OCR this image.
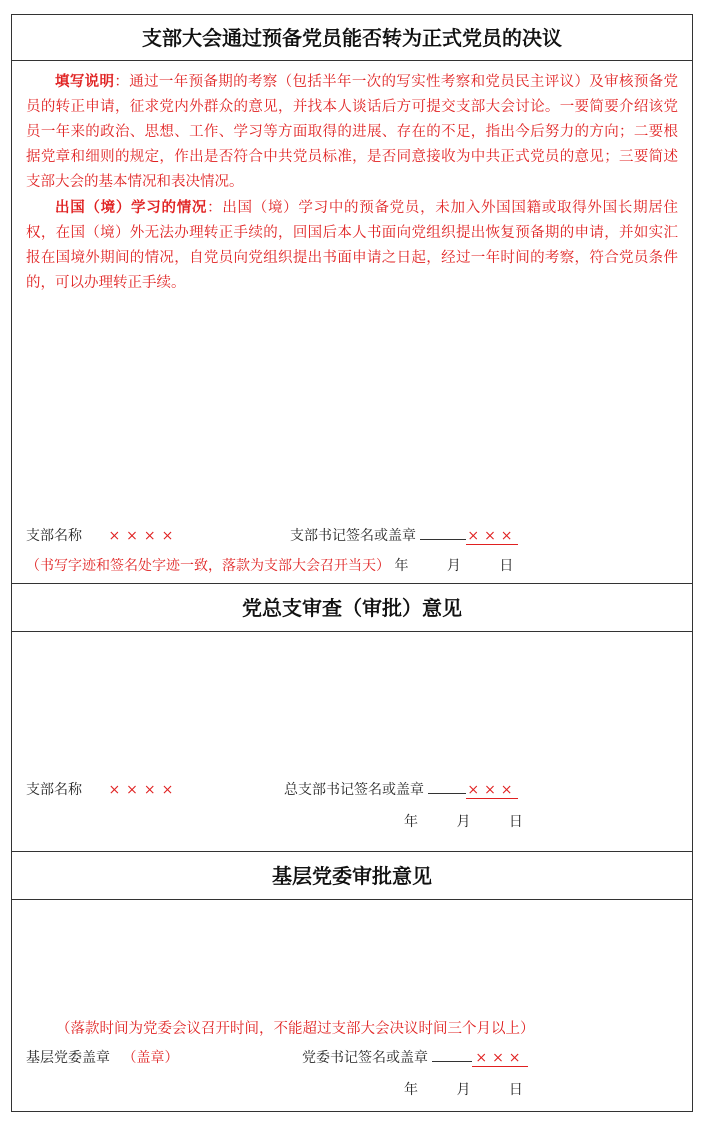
支部大会通过预备党员能否转为正式党员的决议

填写说明：通过一年预备期的考察（包括半年一次的写实性考察和党员民主评议）及审核预备党员的转正申请，征求党内外群众的意见，并找本人谈话后方可提交支部大会讨论。一要简要介绍该党员一年来的政治、思想、工作、学习等方面取得的进展、存在的不足，指出今后努力的方向；二要根据党章和细则的规定，作出是否符合中共党员标准，是否同意接收为中共正式党员的意见；三要简述支部大会的基本情况和表决情况。

出国（境）学习的情况：出国（境）学习中的预备党员，未加入外国国籍或取得外国长期居住权，在国（境）外无法办理转正手续的，回国后本人书面向党组织提出恢复预备期的申请，并如实汇报在国境外期间的情况，自党员向党组织提出书面申请之日起，经过一年时间的考察，符合党员条件的，可以办理转正手续。

支部名称 ××××	支部书记签名或盖章	×××
（书写字迹和签名处字迹一致，落款为支部大会召开当天） 年	月	日
党总支审查（审批）意见
支部名称 ××××	总支部书记签名或盖章	×××
年	月	日
基层党委审批意见
（落款时间为党委会议召开时间，不能超过支部大会决议时间三个月以上）
基层党委盖章 （盖章）	党委书记签名或盖章	×××
年	月	日
